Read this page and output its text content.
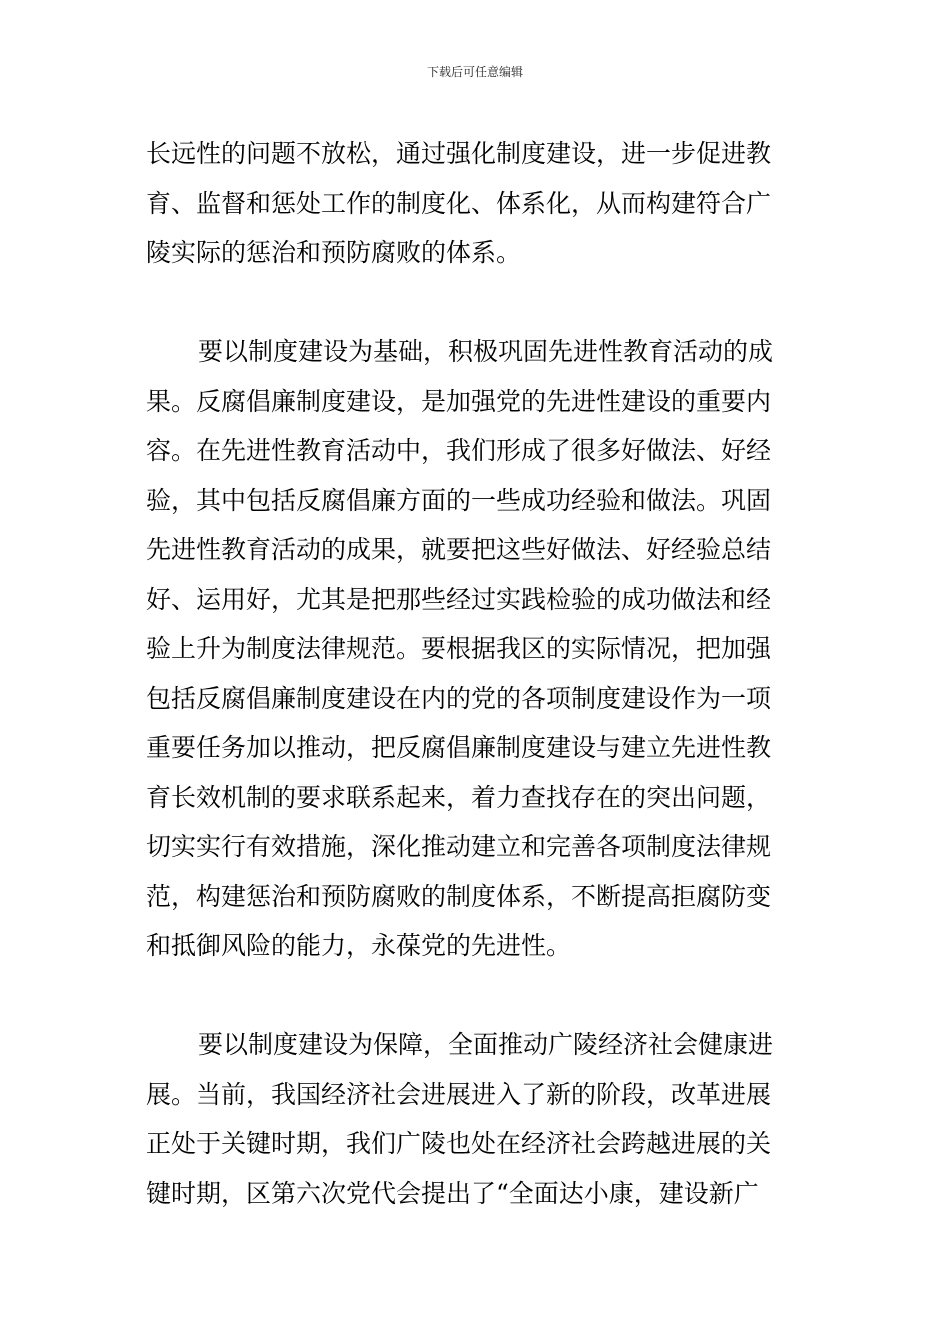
下载后可任意编辑
长远性的问题不放松，通过强化制度建设，进一步促进教
育、监督和惩处工作的制度化、体系化，从而构建符合广
陵实际的惩治和预防腐败的体系。
要以制度建设为基础，积极巩固先进性教育活动的成
果。反腐倡廉制度建设，是加强党的先进性建设的重要内
容。在先进性教育活动中，我们形成了很多好做法、好经
验，其中包括反腐倡廉方面的一些成功经验和做法。巩固
先进性教育活动的成果，就要把这些好做法、好经验总结
好、运用好，尤其是把那些经过实践检验的成功做法和经
验上升为制度法律规范。要根据我区的实际情况，把加强
包括反腐倡廉制度建设在内的党的各项制度建设作为一项
重要任务加以推动，把反腐倡廉制度建设与建立先进性教
育长效机制的要求联系起来，着力查找存在的突出问题，
切实实行有效措施，深化推动建立和完善各项制度法律规
范，构建惩治和预防腐败的制度体系，不断提高拒腐防变
和抵御风险的能力，永葆党的先进性。
要以制度建设为保障，全面推动广陵经济社会健康进
展。当前，我国经济社会进展进入了新的阶段，改革进展
正处于关键时期，我们广陵也处在经济社会跨越进展的关
键时期，区第六次党代会提出了“全面达小康，建设新广
